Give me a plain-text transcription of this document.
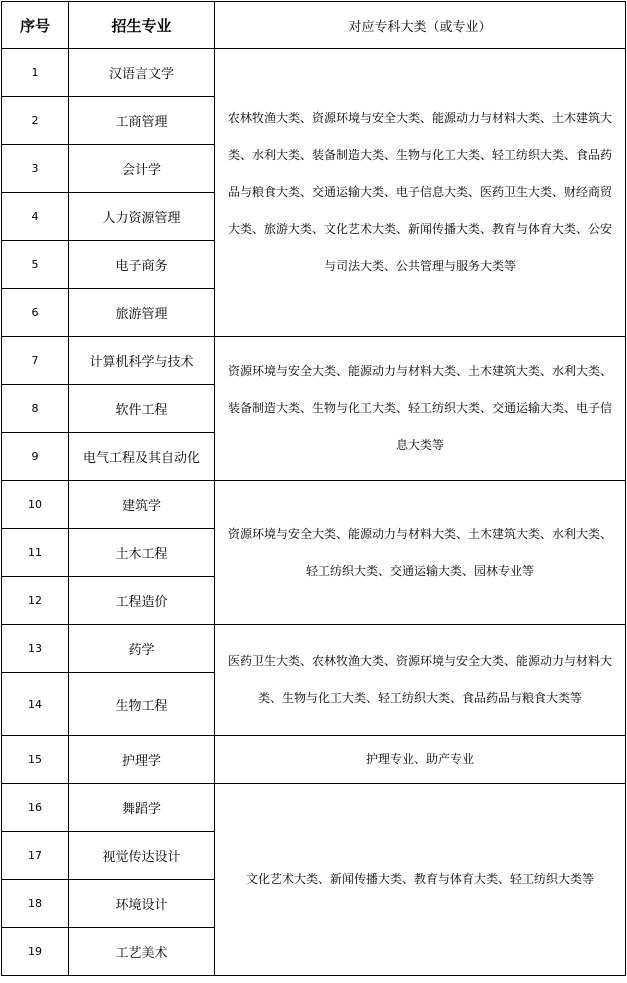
序号	招生专业	对应专科大类（或专业）
1	汉语言文学	农林牧渔大类、资源环境与安全大类、能源动力与材料大类、土木建筑大类、水利大类、装备制造大类、生物与化工大类、轻工纺织大类、食品药品与粮食大类、交通运输大类、电子信息大类、医药卫生大类、财经商贸大类、旅游大类、文化艺术大类、新闻传播大类、教育与体育大类、公安与司法大类、公共管理与服务大类等
2	工商管理	
3	会计学	
4	人力资源管理	
5	电子商务	
6	旅游管理	
7	计算机科学与技术	资源环境与安全大类、能源动力与材料大类、土木建筑大类、水利大类、装备制造大类、生物与化工大类、轻工纺织大类、交通运输大类、电子信息大类等
8	软件工程	
9	电气工程及其自动化	
10	建筑学	资源环境与安全大类、能源动力与材料大类、土木建筑大类、水利大类、轻工纺织大类、交通运输大类、园林专业等
11	土木工程	
12	工程造价	
13	药学	医药卫生大类、农林牧渔大类、资源环境与安全大类、能源动力与材料大类、生物与化工大类、轻工纺织大类、食品药品与粮食大类等
14	生物工程	
15	护理学	护理专业、助产专业
16	舞蹈学	文化艺术大类、新闻传播大类、教育与体育大类、轻工纺织大类等
17	视觉传达设计	
18	环境设计	
19	工艺美术	
